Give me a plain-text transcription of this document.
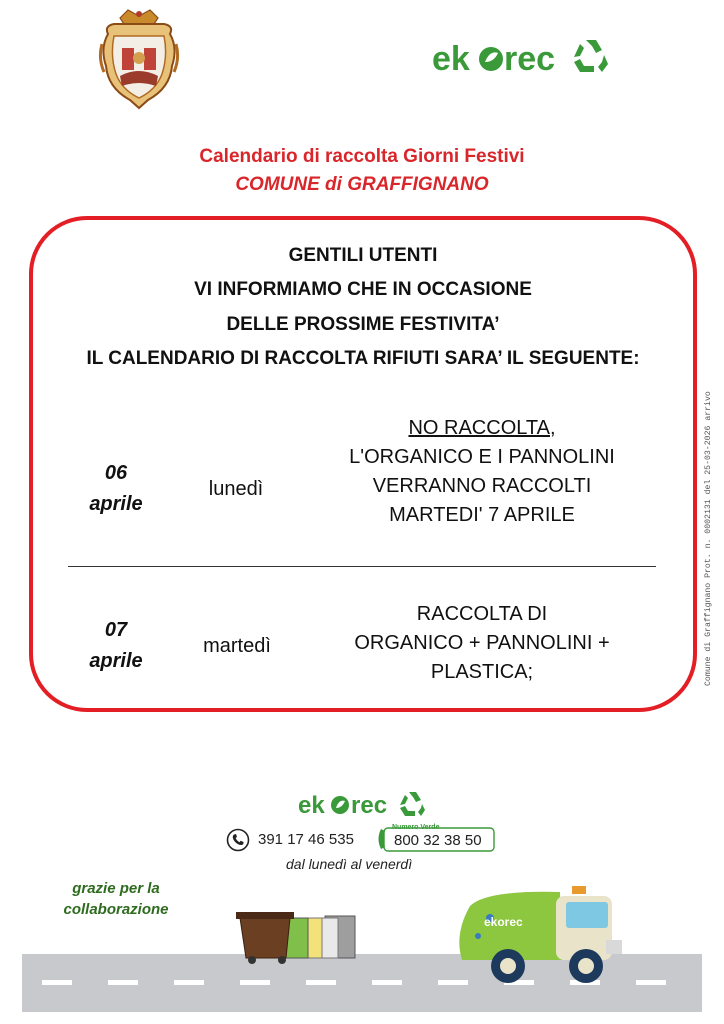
ek rec
Calendario di raccolta Giorni Festivi
COMUNE di GRAFFIGNANO
GENTILI UTENTI
VI INFORMIAMO CHE IN OCCASIONE
DELLE PROSSIME FESTIVITA’
IL CALENDARIO DI RACCOLTA RIFIUTI SARA’ IL SEGUENTE:
06
aprile
lunedì
NO RACCOLTA,
L'ORGANICO E I PANNOLINI
VERRANNO RACCOLTI
MARTEDI' 7 APRILE
07
aprile
martedì
RACCOLTA DI
ORGANICO + PANNOLINI +
PLASTICA;	Comune di Graffignano Prot. n. 0002131 del 25-03-2026 arrivo
ek rec
391 17 46 535
Numero Verde
800 32 38 50
dal lunedì al venerdì
grazie per la
collaborazione
ekorec
